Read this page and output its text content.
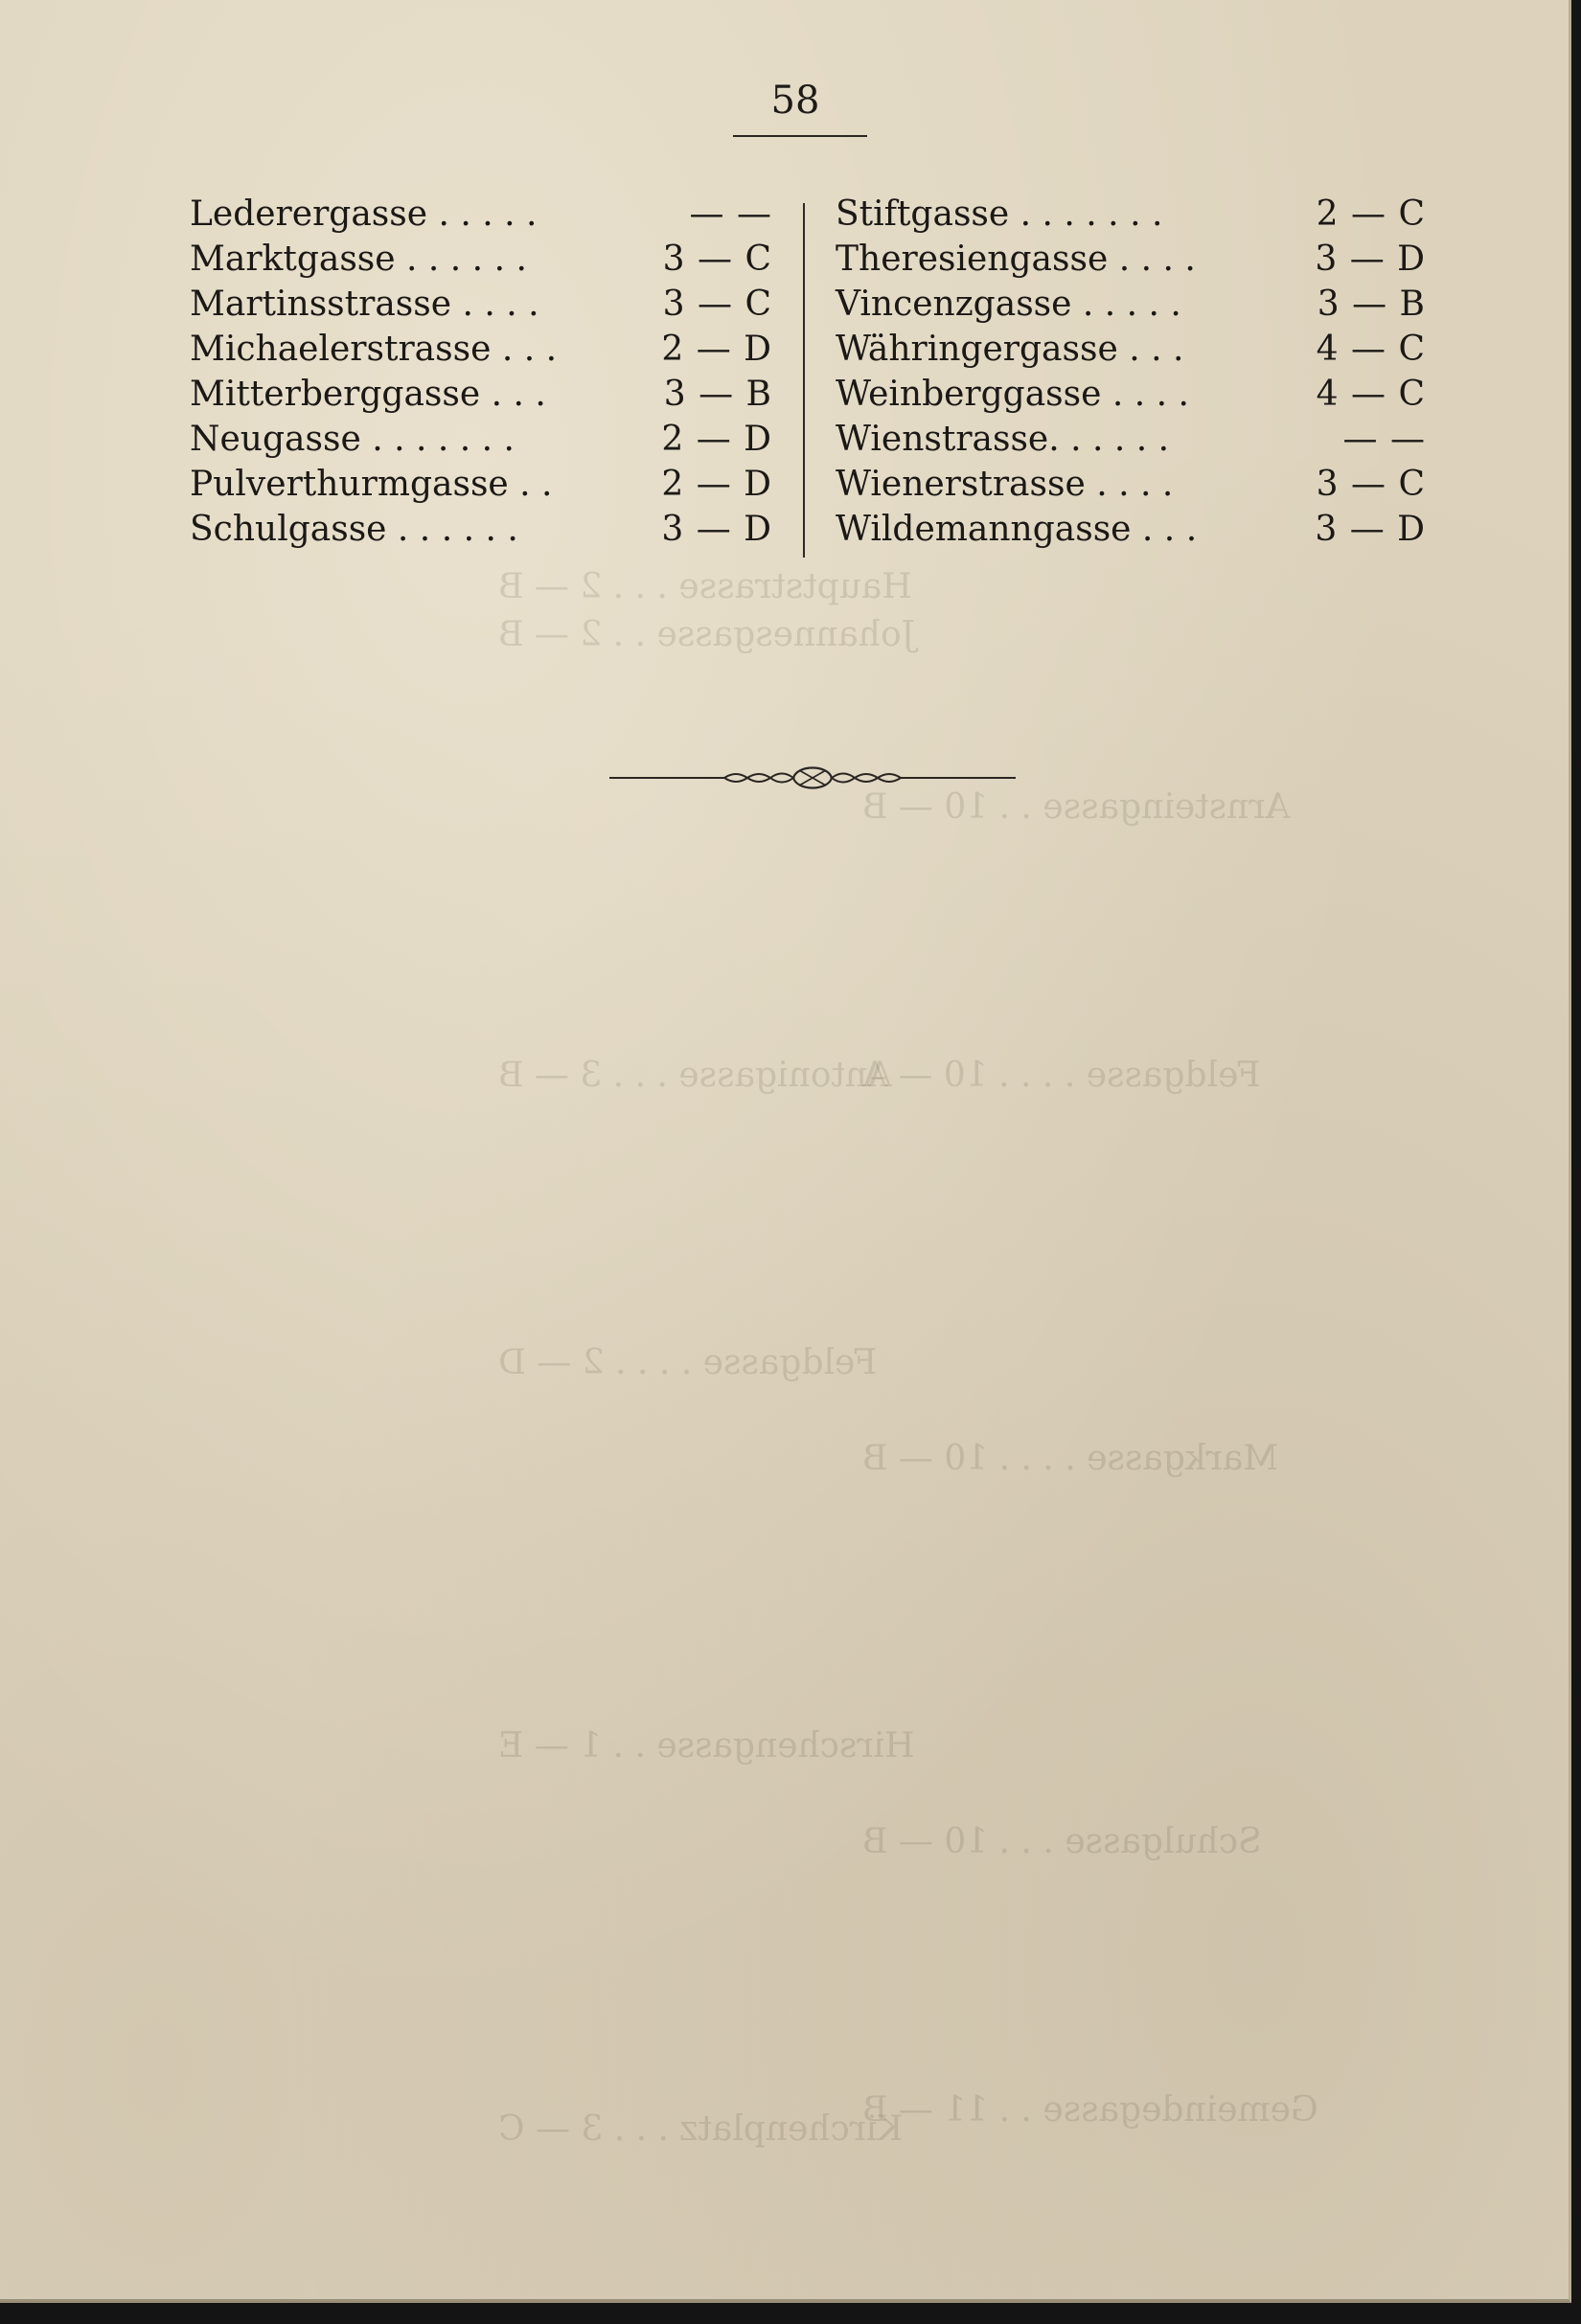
Hauptstrasse . . . 2 — B
Johannesgasse . . 2 — B
Antonigasse . . . 3 — B
Feldgasse . . . . 2 — D
Hirschengasse . . 1 — E
Kirchenplatz . . . 3 — C
Arnsteingasse . . 10 — B
Feldgasse . . . . 10 — A
Markgasse . . . . 10 — B
Schulgasse . . . 10 — B
Gemeindegasse . . 11 — B
58
Lederergasse . . . . .	— —
Marktgasse . . . . . .	3 — C
Martinsstrasse . . . .	3 — C
Michaelerstrasse . . .	2 — D
Mitterberggasse . . .	3 — B
Neugasse . . . . . . .	2 — D
Pulverthurmgasse . .	2 — D
Schulgasse . . . . . .	3 — D
Stiftgasse . . . . . . .	2 — C
Theresiengasse . . . .	3 — D
Vincenzgasse . . . . .	3 — B
Währingergasse . . .	4 — C
Weinberggasse . . . .	4 — C
Wienstrasse. . . . . .	— —
Wienerstrasse . . . .	3 — C
Wildemanngasse . . .	3 — D
